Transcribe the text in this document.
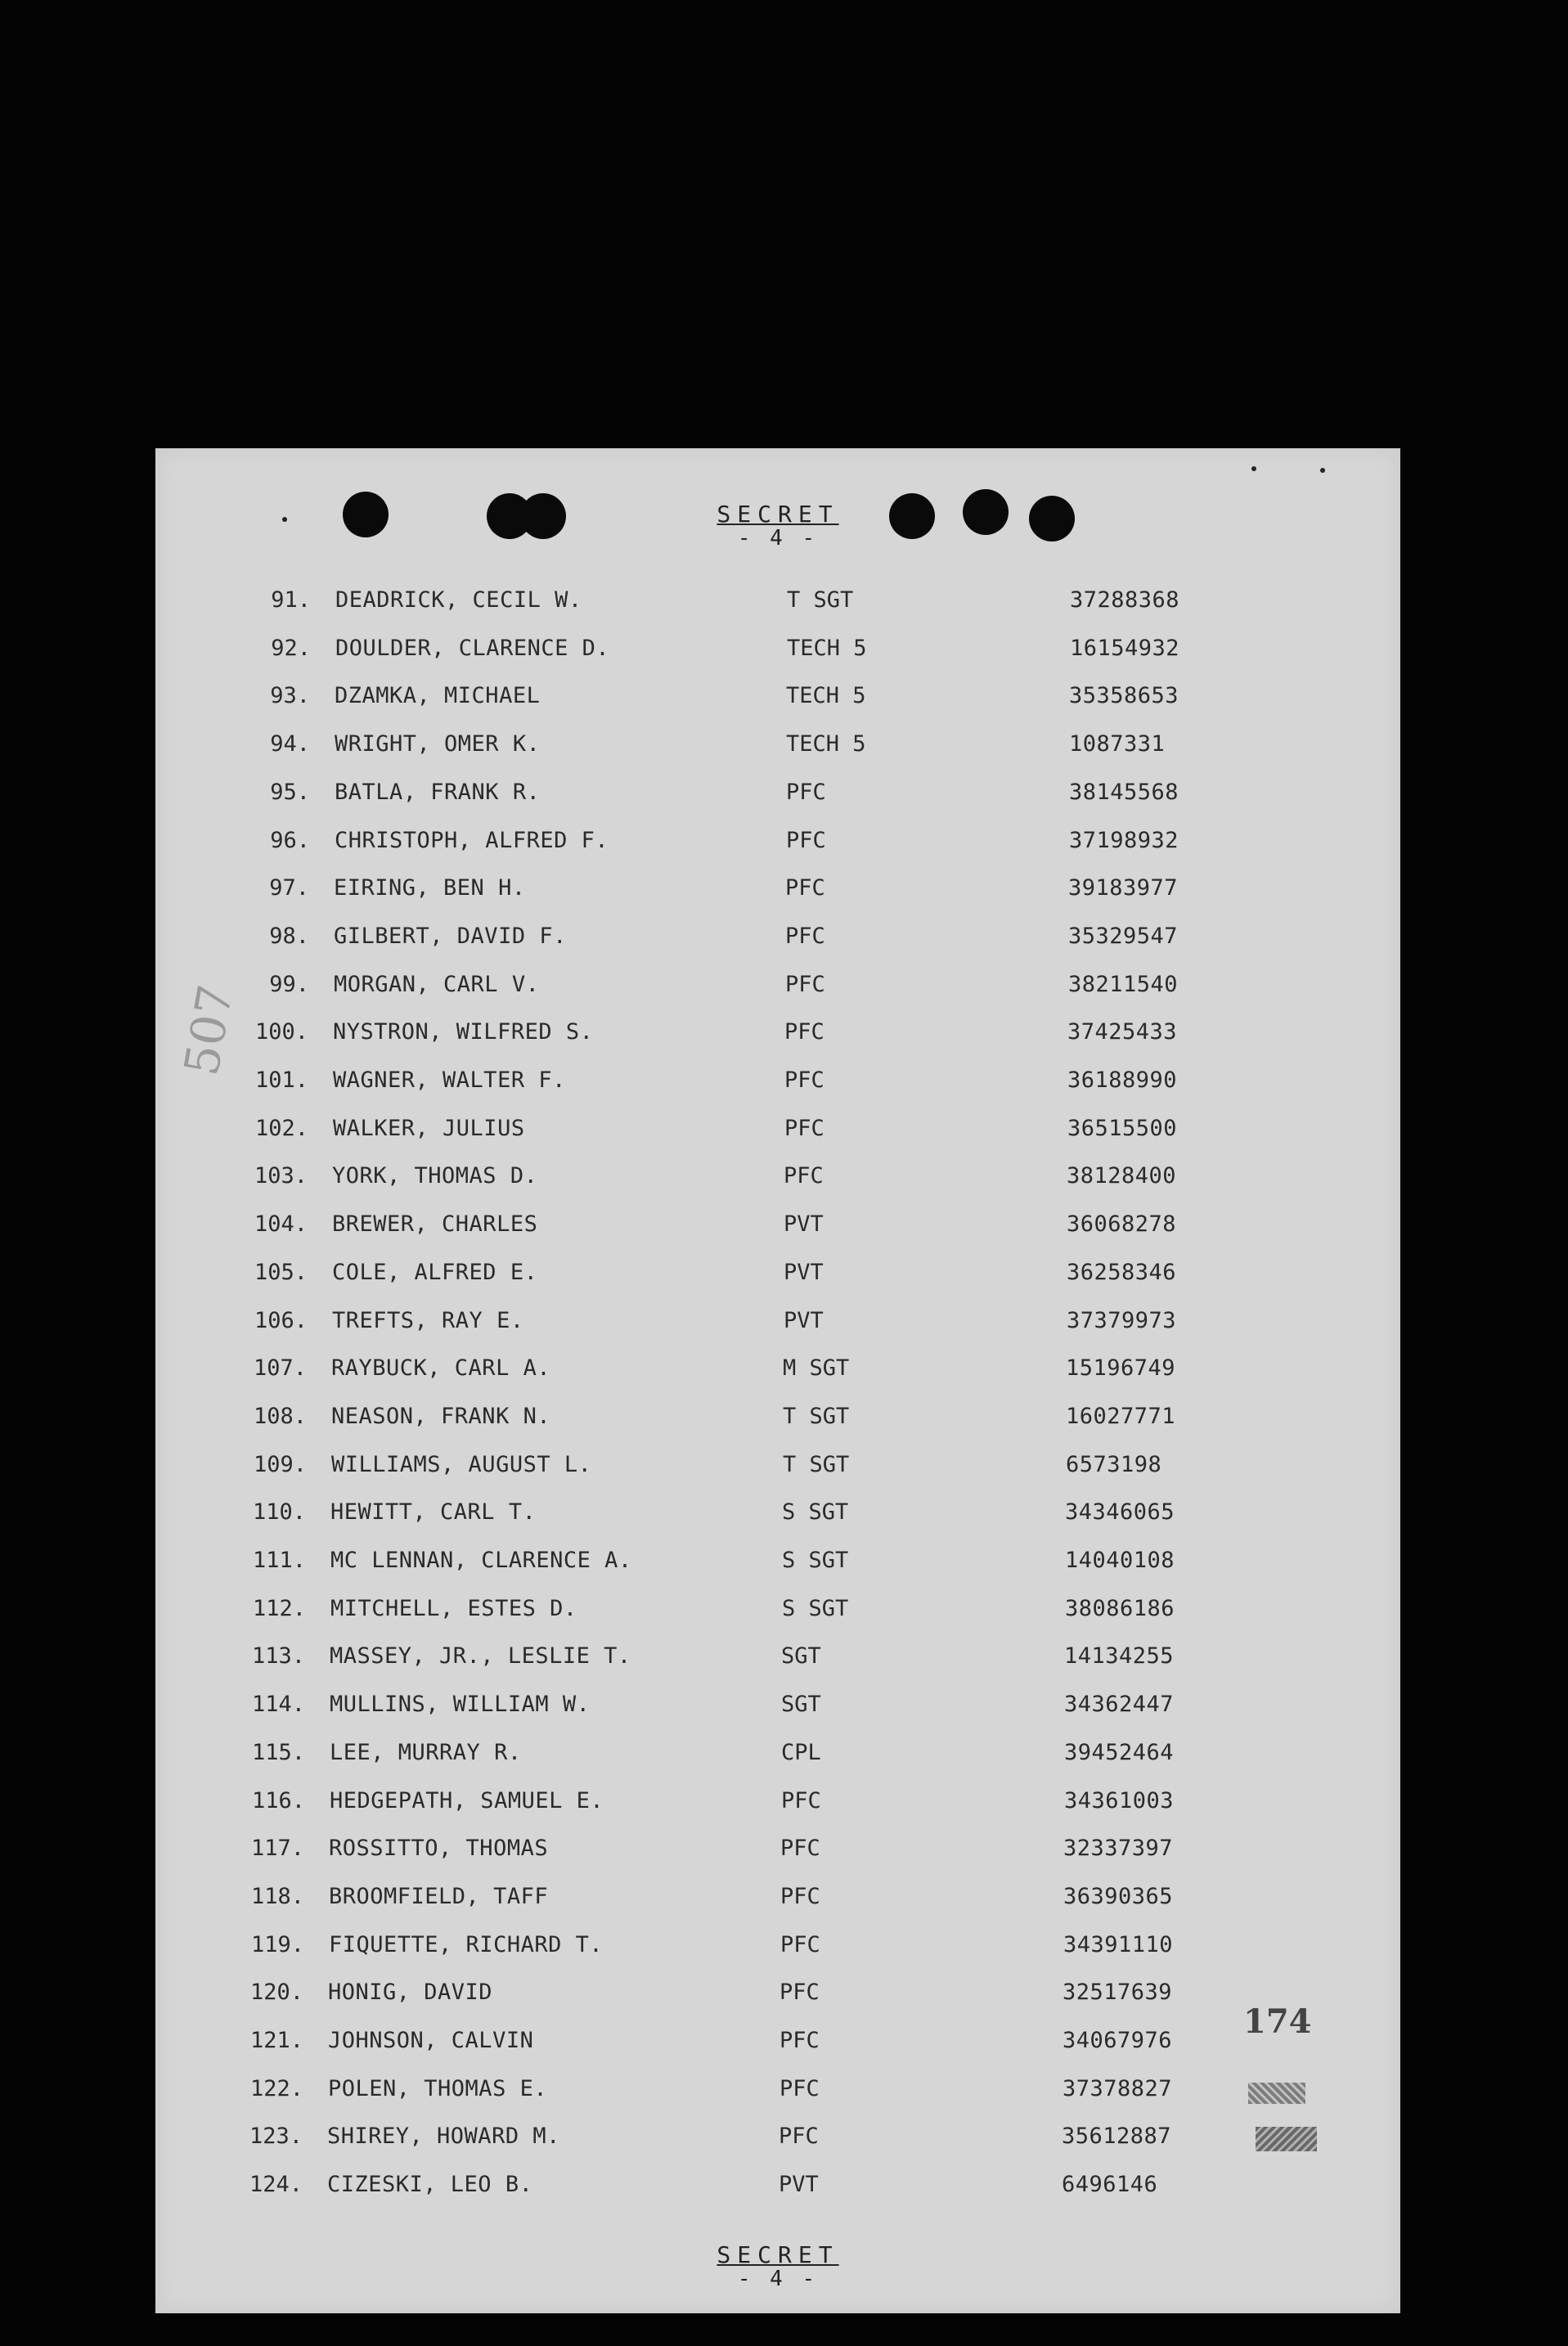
SECRET
- 4 -
507
174
SECRET
- 4 -
91. DEADRICK, CECIL W.	T SGT	37288368
92. DOULDER, CLARENCE D.	TECH 5	16154932
93. DZAMKA, MICHAEL	TECH 5	35358653
94. WRIGHT, OMER K.	TECH 5	1087331
95. BATLA, FRANK R.	PFC	38145568
96. CHRISTOPH, ALFRED F.	PFC	37198932
97. EIRING, BEN H.	PFC	39183977
98. GILBERT, DAVID F.	PFC	35329547
99. MORGAN, CARL V.	PFC	38211540
100. NYSTRON, WILFRED S.	PFC	37425433
101. WAGNER, WALTER F.	PFC	36188990
102. WALKER, JULIUS	PFC	36515500
103. YORK, THOMAS D.	PFC	38128400
104. BREWER, CHARLES	PVT	36068278
105. COLE, ALFRED E.	PVT	36258346
106. TREFTS, RAY E.	PVT	37379973
107. RAYBUCK, CARL A.	M SGT	15196749
108. NEASON, FRANK N.	T SGT	16027771
109. WILLIAMS, AUGUST L.	T SGT	6573198
110. HEWITT, CARL T.	S SGT	34346065
111. MC LENNAN, CLARENCE A.	S SGT	14040108
112. MITCHELL, ESTES D.	S SGT	38086186
113. MASSEY, JR., LESLIE T.	SGT	14134255
114. MULLINS, WILLIAM W.	SGT	34362447
115. LEE, MURRAY R.	CPL	39452464
116. HEDGEPATH, SAMUEL E.	PFC	34361003
117. ROSSITTO, THOMAS	PFC	32337397
118. BROOMFIELD, TAFF	PFC	36390365
119. FIQUETTE, RICHARD T.	PFC	34391110
120. HONIG, DAVID	PFC	32517639
121. JOHNSON, CALVIN	PFC	34067976
122. POLEN, THOMAS E.	PFC	37378827
123. SHIREY, HOWARD M.	PFC	35612887
124. CIZESKI, LEO B.	PVT	6496146
